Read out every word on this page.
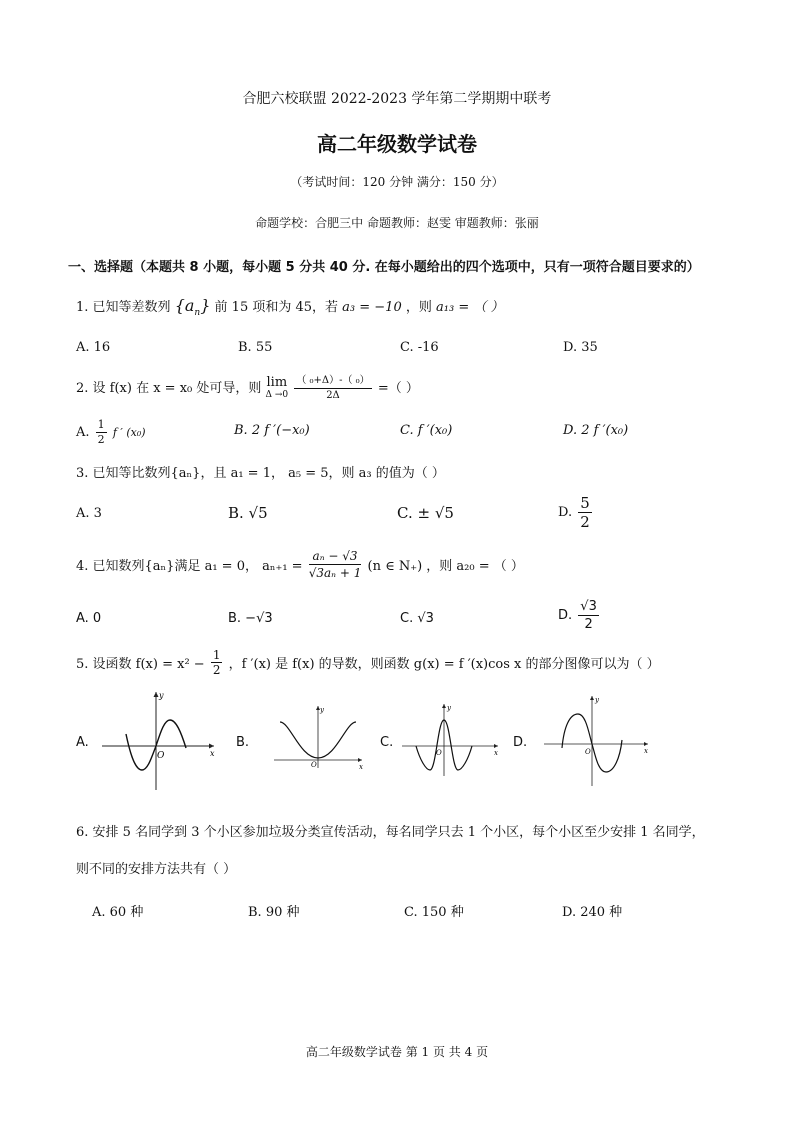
合肥六校联盟 2022-2023 学年第二学期期中联考
高二年级数学试卷
（考试时间：120 分钟 满分：150 分）
命题学校：合肥三中 命题教师：赵雯 审题教师：张丽
一、选择题（本题共 8 小题，每小题 5 分共 40 分. 在每小题给出的四个选项中，只有一项符合题目要求的）
1. 已知等差数列 $\{a_n\}$ 前 15 项和为 45，若 a₃ = −10 ，则 a₁₃ = （ ）
A. 16	B. 55	C. -16	D. 35
2. 设 f(x) 在 x = x₀ 处可导，则 lim
Δ →0
$\frac{\text{（ ₀+Δ）-（ ₀）}}{2\Delta}$ =（ ）
A. $\frac{1}{2}$ f ′ (x₀)	B. 2 f ′(−x₀)	C. f ′(x₀)	D. 2 f ′(x₀)
3. 已知等比数列{aₙ}，且 a₁ = 1， a₅ = 5，则 a₃ 的值为（ ）
A. 3	B. √5	C. ± √5	D. $\frac{5}{2}$
4. 已知数列{aₙ}满足 a₁ = 0， $a_{n+1} = \frac{\text{aₙ − √3}}{\text{√3aₙ + 1}} (n$ ∈ N₊) ，则 a₂₀ = （ ）
A. 0	B. −√3	C. √3	D. $\frac{√3}{2}$
5. 设函数 $f(x) = x^2 - \frac{1}{2}$ ，f ′(x) 是 f(x) 的导数，则函数 g(x) = f ′(x)cos x 的部分图像可以为（ ）
A.	B.	C.	D.
y
x
O
y
x
O
y
x
O
y
x
O
6. 安排 5 名同学到 3 个小区参加垃圾分类宣传活动，每名同学只去 1 个小区，每个小区至少安排 1 名同学，
则不同的安排方法共有（ ）
A. 60 种	B. 90 种	C. 150 种	D. 240 种
高二年级数学试卷 第 1 页 共 4 页
